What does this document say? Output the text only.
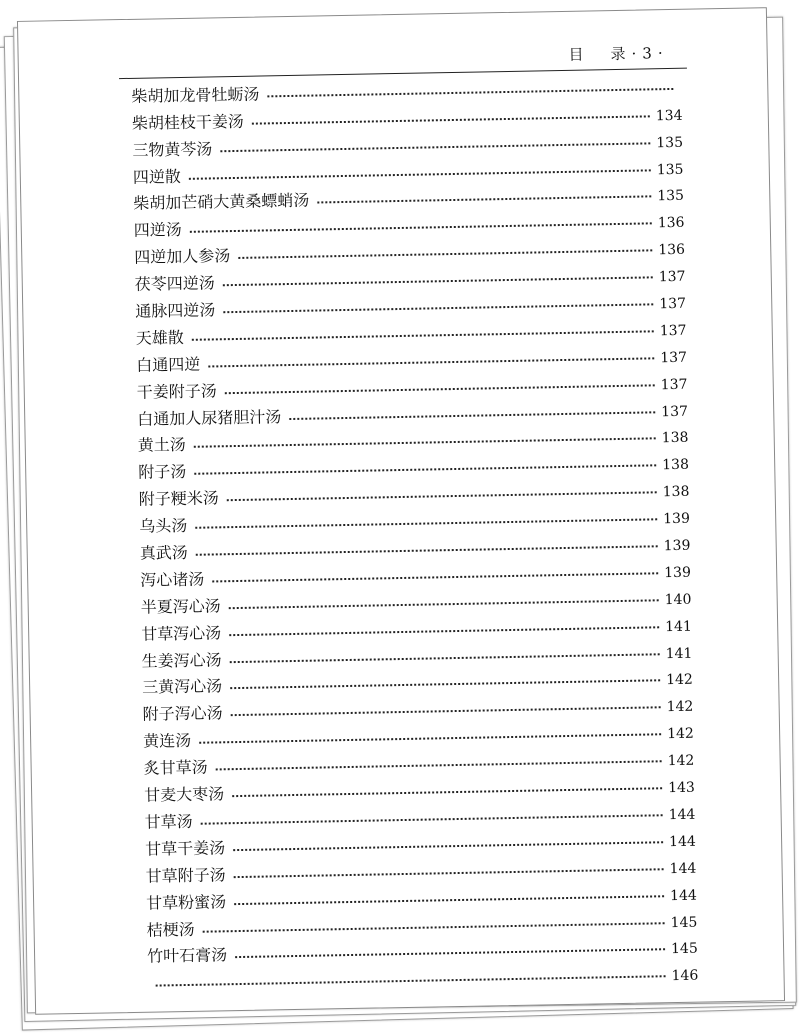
目　录·3·
柴胡加龙骨牡蛎汤
柴胡桂枝干姜汤	134
三物黄芩汤	135
四逆散	135
柴胡加芒硝大黄桑螵蛸汤	135
四逆汤	136
四逆加人参汤	136
茯苓四逆汤	137
通脉四逆汤	137
天雄散	137
白通四逆	137
干姜附子汤	137
白通加人尿猪胆汁汤	137
黄土汤	138
附子汤	138
附子粳米汤	138
乌头汤	139
真武汤	139
泻心诸汤	139
半夏泻心汤	140
甘草泻心汤	141
生姜泻心汤	141
三黄泻心汤	142
附子泻心汤	142
黄连汤	142
炙甘草汤	142
甘麦大枣汤	143
甘草汤	144
甘草干姜汤	144
甘草附子汤	144
甘草粉蜜汤	144
桔梗汤	145
竹叶石膏汤	145
146
